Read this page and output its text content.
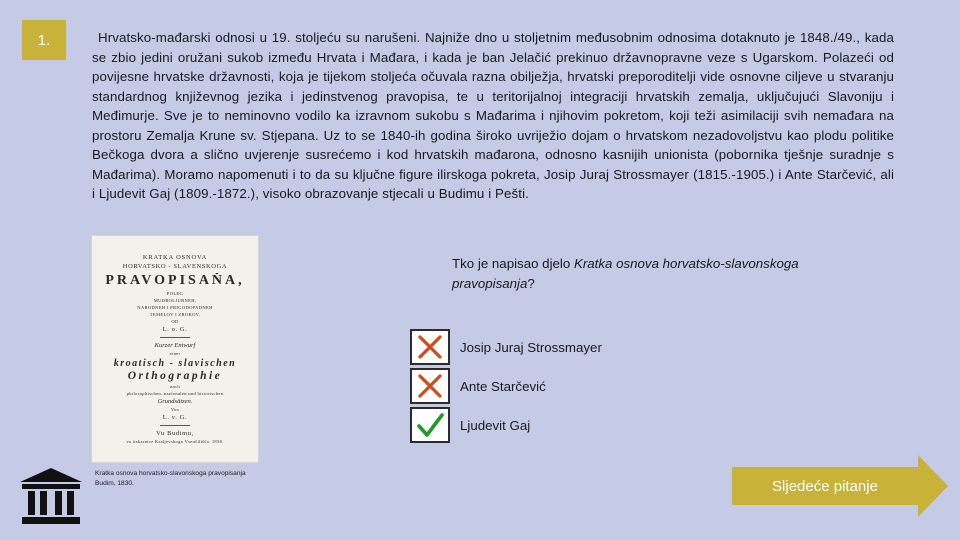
1.	Hrvatsko-mađarski odnosi u 19. stoljeću su narušeni. Najniže dno u stoljetnim međusobnim odnosima dotaknuto je 1848./49., kada se zbio jedini oružani sukob između Hrvata i Mađara, i kada je ban Jelačić prekinuo državnopravne veze s Ugarskom. Polazeći od povijesne hrvatske državnosti, koja je tijekom stoljeća očuvala razna obilježja, hrvatski preporoditelji vide osnovne ciljeve u stvaranju standardnog književnog jezika i jedinstvenog pravopisa, te u teritorijalnoj integraciji hrvatskih zemalja, uključujući Slavoniju i Međimurje. Sve je to neminovno vodilo ka izravnom sukobu s Mađarima i njihovim pokretom, koji teži asimilaciji svih nemađara na prostoru Zemalja Krune sv. Stjepana. Uz to se 1840-ih godina široko uvriježio dojam o hrvatskom nezadovoljstvu kao plodu politike Bečkoga dvora a slično uvjerenje susrećemo i kod hrvatskih mađarona, odnosno kasnijih unionista (pobornika tješnje suradnje s Mađarima). Moramo napomenuti i to da su ključne figure ilirskoga pokreta, Josip Juraj Strossmayer (1815.-1905.) i Ante Starčević, ali i Ljudevit Gaj (1809.-1872.), visoko obrazovanje stjecali u Budimu i Pešti.

KRATKA OSNOVA
HORVATSKO - SLAVENSKOGA
PRAVOPISAŇA,
POLEG
MUDROLJUBNEH,
NARODNEH I PRIGODOPADNEH
TEMELOV I ZROKOV,
OD
L. o. G.
Kurzer Entwurf
einer
kroatisch - slavischen
Orthographie
nach
philosophischen, nazionalen und historischen
Grundsätzen.
Von
L. v. G.
Vu Budimu,
va tiskarnice Kraljevskoga Vseučilišča. 1830.

Kratka osnova horvatsko-slavonskoga pravopisanja Budim, 1830.

Tko je napisao djelo Kratka osnova horvatsko-slavonskoga pravopisanja?

Josip Juraj Strossmayer
Ante Starčević
Ljudevit Gaj
Sljedeće pitanje
